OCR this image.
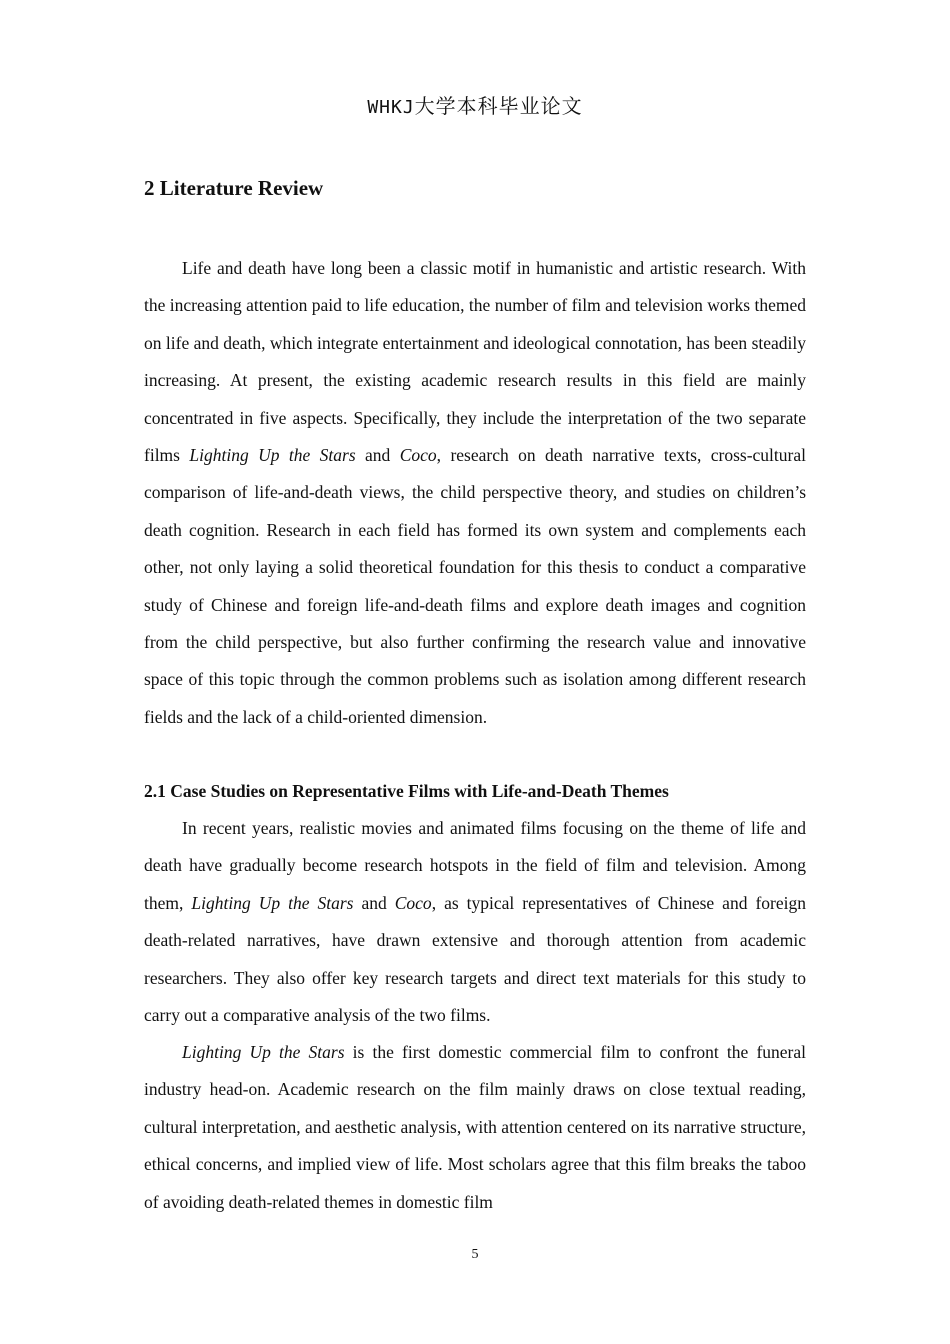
WHKJ大学本科毕业论文
2 Literature Review

Life and death have long been a classic motif in humanistic and artistic research. With the increasing attention paid to life education, the number of film and television works themed on life and death, which integrate entertainment and ideological connotation, has been steadily increasing. At present, the existing academic research results in this field are mainly concentrated in five aspects. Specifically, they include the interpretation of the two separate films Lighting Up the Stars and Coco, research on death narrative texts, cross-cultural comparison of life-and-death views, the child perspective theory, and studies on children’s death cognition. Research in each field has formed its own system and complements each other, not only laying a solid theoretical foundation for this thesis to conduct a comparative study of Chinese and foreign life-and-death films and explore death images and cognition from the child perspective, but also further confirming the research value and innovative space of this topic through the common problems such as isolation among different research fields and the lack of a child-oriented dimension.

2.1 Case Studies on Representative Films with Life-and-Death Themes

In recent years, realistic movies and animated films focusing on the theme of life and death have gradually become research hotspots in the field of film and television. Among them, Lighting Up the Stars and Coco, as typical representatives of Chinese and foreign death-related narratives, have drawn extensive and thorough attention from academic researchers. They also offer key research targets and direct text materials for this study to carry out a comparative analysis of the two films.

Lighting Up the Stars is the first domestic commercial film to confront the funeral industry head-on. Academic research on the film mainly draws on close textual reading, cultural interpretation, and aesthetic analysis, with attention centered on its narrative structure, ethical concerns, and implied view of life. Most scholars agree that this film breaks the taboo of avoiding death-related themes in domestic film

5
